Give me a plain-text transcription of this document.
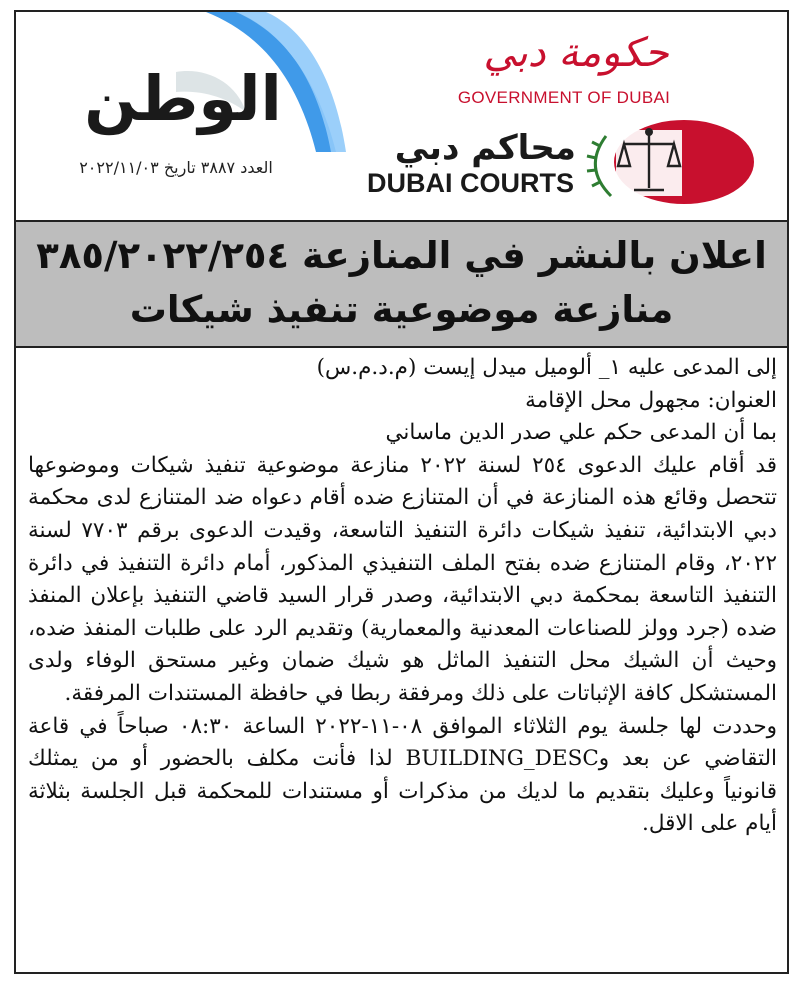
الوطن
العدد ٣٨٨٧ تاريخ ٢٠٢٢/١١/٠٣
حكومة دبي
GOVERNMENT OF DUBAI
محاكم دبي
DUBAI COURTS
اعلان بالنشر في المنازعة ٣٨٥/٢٠٢٢/٢٥٤
منازعة موضوعية تنفيذ شيكات

إلى المدعى عليه ١_ ألوميل ميدل إيست (م.د.م.س)

العنوان: مجهول محل الإقامة

بما أن المدعى حكم علي صدر الدين ماساني

قد أقام عليك الدعوى ٢٥٤ لسنة ٢٠٢٢ منازعة موضوعية تنفيذ شيكات وموضوعها تتحصل وقائع هذه المنازعة في أن المتنازع ضده أقام دعواه ضد المتنازع لدى محكمة دبي الابتدائية، تنفيذ شيكات دائرة التنفيذ التاسعة، وقيدت الدعوى برقم ٧٧٠٣ لسنة ٢٠٢٢، وقام المتنازع ضده بفتح الملف التنفيذي المذكور، أمام دائرة التنفيذ في دائرة التنفيذ التاسعة بمحكمة دبي الابتدائية، وصدر قرار السيد قاضي التنفيذ بإعلان المنفذ ضده (جرد وولز للصناعات المعدنية والمعمارية) وتقديم الرد على طلبات المنفذ ضده، وحيث أن الشيك محل التنفيذ الماثل هو شيك ضمان وغير مستحق الوفاء ولدى المستشكل كافة الإثباتات على ذلك ومرفقة ربطا في حافظة المستندات المرفقة.

وحددت لها جلسة يوم الثلاثاء الموافق ٠٨-١١-٢٠٢٢ الساعة ٠٨:٣٠ صباحاً في قاعة التقاضي عن بعد وBUILDING_DESC لذا فأنت مكلف بالحضور أو من يمثلك قانونياً وعليك بتقديم ما لديك من مذكرات أو مستندات للمحكمة قبل الجلسة بثلاثة أيام على الاقل.
